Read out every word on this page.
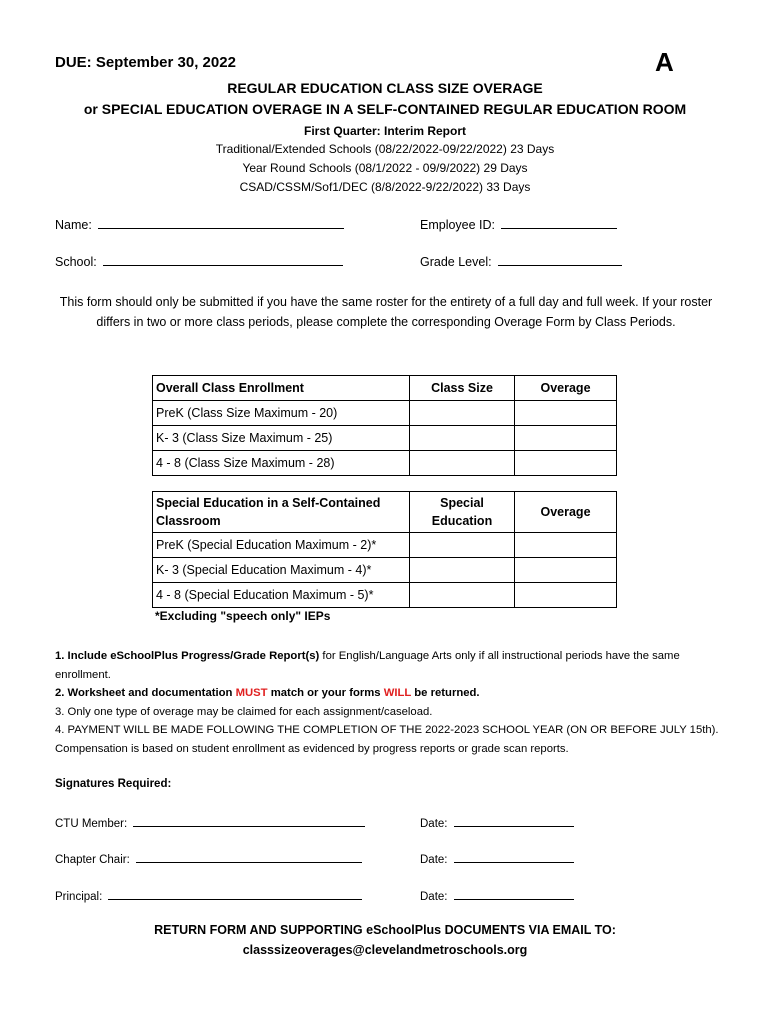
DUE: September 30, 2022	A
REGULAR EDUCATION CLASS SIZE OVERAGE
or SPECIAL EDUCATION OVERAGE IN A SELF-CONTAINED REGULAR EDUCATION ROOM
First Quarter: Interim Report
Traditional/Extended Schools (08/22/2022-09/22/2022) 23 Days
Year Round Schools (08/1/2022 - 09/9/2022) 29 Days
CSAD/CSSM/Sof1/DEC (8/8/2022-9/22/2022) 33 Days
Name:	Employee ID:
School:	Grade Level:
This form should only be submitted if you have the same roster for the entirety of a full day and full week. If your roster differs in two or more class periods, please complete the corresponding Overage Form by Class Periods.
Overall Class Enrollment	Class Size	Overage
PreK (Class Size Maximum - 20)		
K- 3 (Class Size Maximum - 25)		
4 - 8 (Class Size Maximum - 28)		
Special Education in a Self-Contained Classroom	Special Education	Overage
PreK (Special Education Maximum - 2)*		
K- 3 (Special Education Maximum - 4)*		
4 - 8 (Special Education Maximum - 5)*		
*Excluding "speech only" IEPs
1. Include eSchoolPlus Progress/Grade Report(s) for English/Language Arts only if all instructional periods have the same enrollment.
2. Worksheet and documentation MUST match or your forms WILL be returned.
3. Only one type of overage may be claimed for each assignment/caseload.
4. PAYMENT WILL BE MADE FOLLOWING THE COMPLETION OF THE 2022-2023 SCHOOL YEAR (ON OR BEFORE JULY 15th). Compensation is based on student enrollment as evidenced by progress reports or grade scan reports.
Signatures Required:
CTU Member:	Date:
Chapter Chair:	Date:
Principal:	Date:
RETURN FORM AND SUPPORTING eSchoolPlus DOCUMENTS VIA EMAIL TO:
classsizeoverages@clevelandmetroschools.org
